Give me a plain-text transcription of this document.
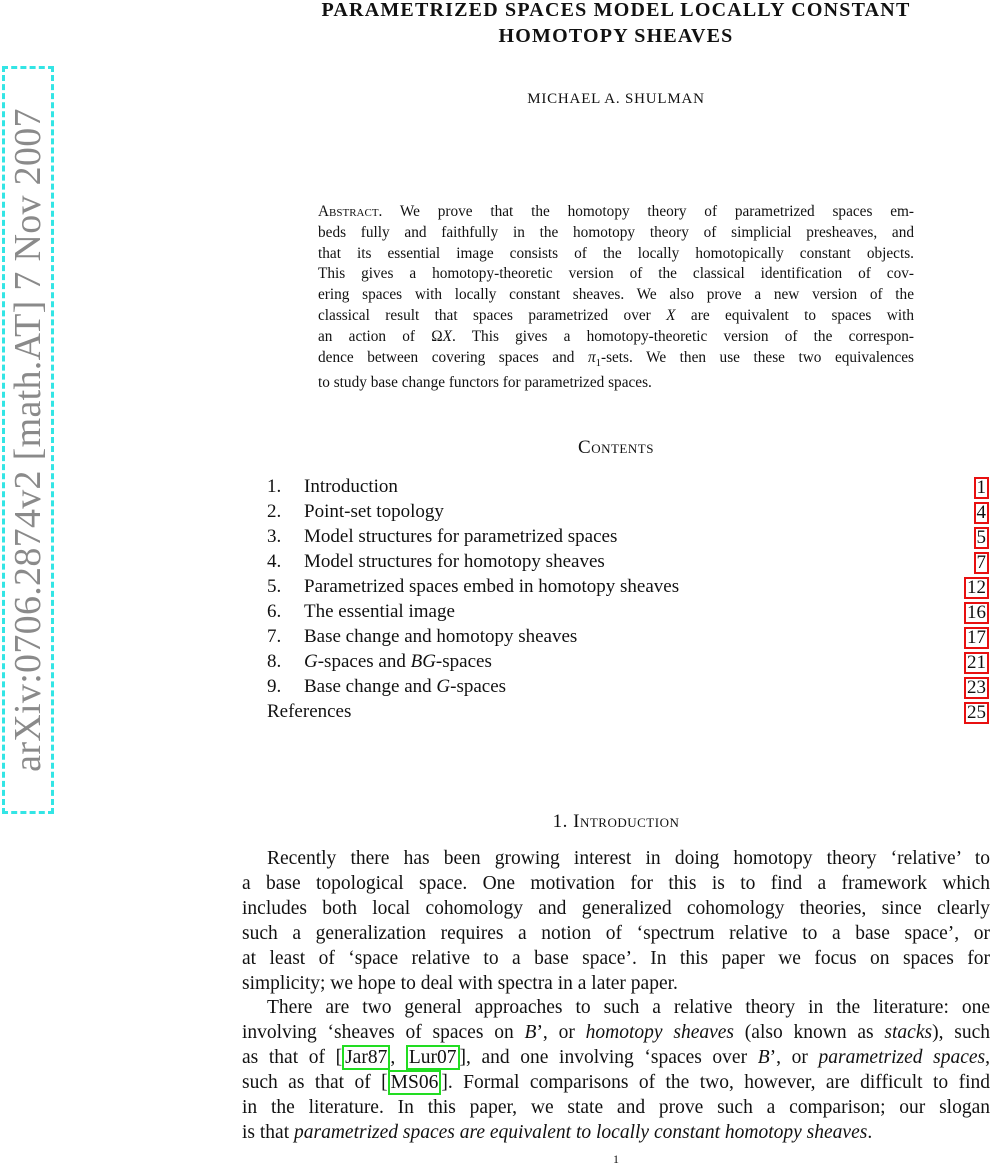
arXiv:0706.2874v2 [math.AT] 7 Nov 2007
PARAMETRIZED SPACES MODEL LOCALLY CONSTANT
HOMOTOPY SHEAVES
MICHAEL A. SHULMAN
Abstract. We prove that the homotopy theory of parametrized spaces em-
beds fully and faithfully in the homotopy theory of simplicial presheaves, and
that its essential image consists of the locally homotopically constant objects.
This gives a homotopy-theoretic version of the classical identification of cov-
ering spaces with locally constant sheaves. We also prove a new version of the
classical result that spaces parametrized over X are equivalent to spaces with
an action of ΩX. This gives a homotopy-theoretic version of the correspon-
dence between covering spaces and $\pi_1$-sets. We then use these two equivalences
to study base change functors for parametrized spaces.
Contents
1. Introduction	1
2. Point-set topology	4
3. Model structures for parametrized spaces	5
4. Model structures for homotopy sheaves	7
5. Parametrized spaces embed in homotopy sheaves	12
6. The essential image	16
7. Base change and homotopy sheaves	17
8. G-spaces and BG-spaces	21
9. Base change and G-spaces	23
References	25
1. Introduction
Recently there has been growing interest in doing homotopy theory ‘relative’ to
a base topological space. One motivation for this is to find a framework which
includes both local cohomology and generalized cohomology theories, since clearly
such a generalization requires a notion of ‘spectrum relative to a base space’, or
at least of ‘space relative to a base space’. In this paper we focus on spaces for
simplicity; we hope to deal with spectra in a later paper.
There are two general approaches to such a relative theory in the literature: one
involving ‘sheaves of spaces on B’, or homotopy sheaves (also known as stacks), such
as that of [ Jar87 , Lur07 ], and one involving ‘spaces over B’, or parametrized spaces,
such as that of [ MS06 ]. Formal comparisons of the two, however, are difficult to find
in the literature. In this paper, we state and prove such a comparison; our slogan
is that parametrized spaces are equivalent to locally constant homotopy sheaves.
1
